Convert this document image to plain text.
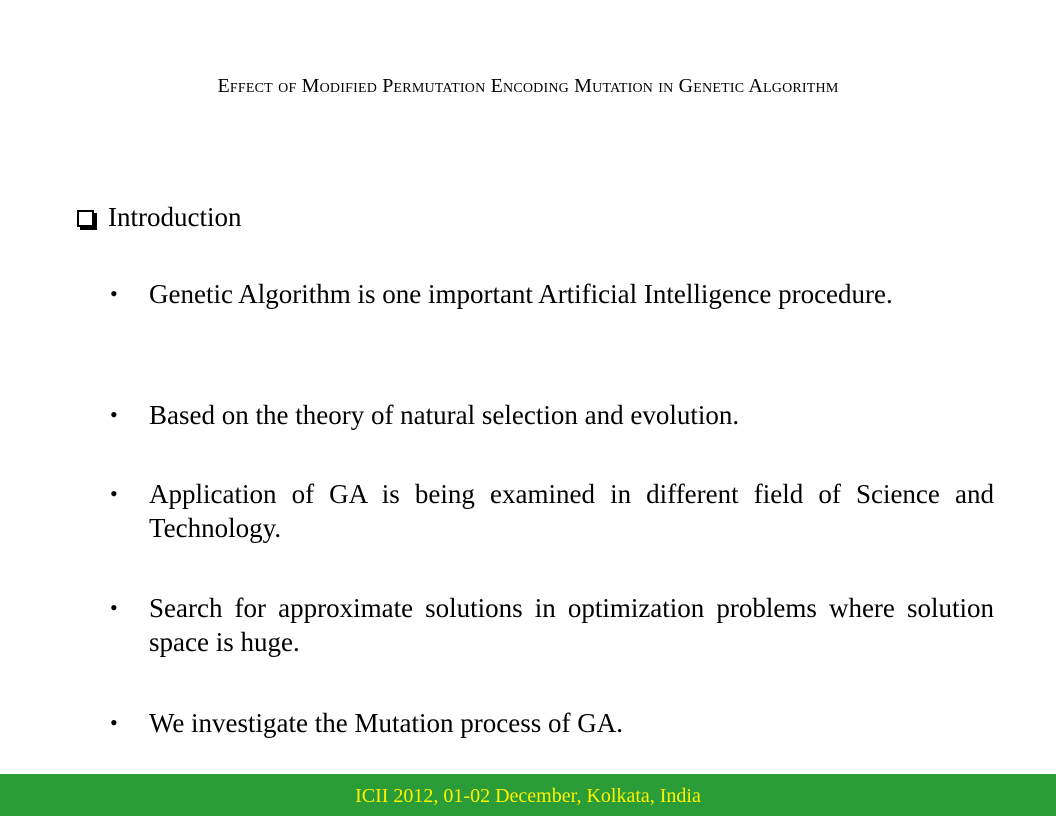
Effect of Modified Permutation Encoding Mutation in Genetic Algorithm
Introduction
• Genetic Algorithm is one important Artificial Intelligence procedure.
• Based on the theory of natural selection and evolution.
• Application of GA is being examined in different field of Science and Technology.
• Search for approximate solutions in optimization problems where solution space is huge.
• We investigate the Mutation process of GA.
ICII 2012, 01-02 December, Kolkata, India
